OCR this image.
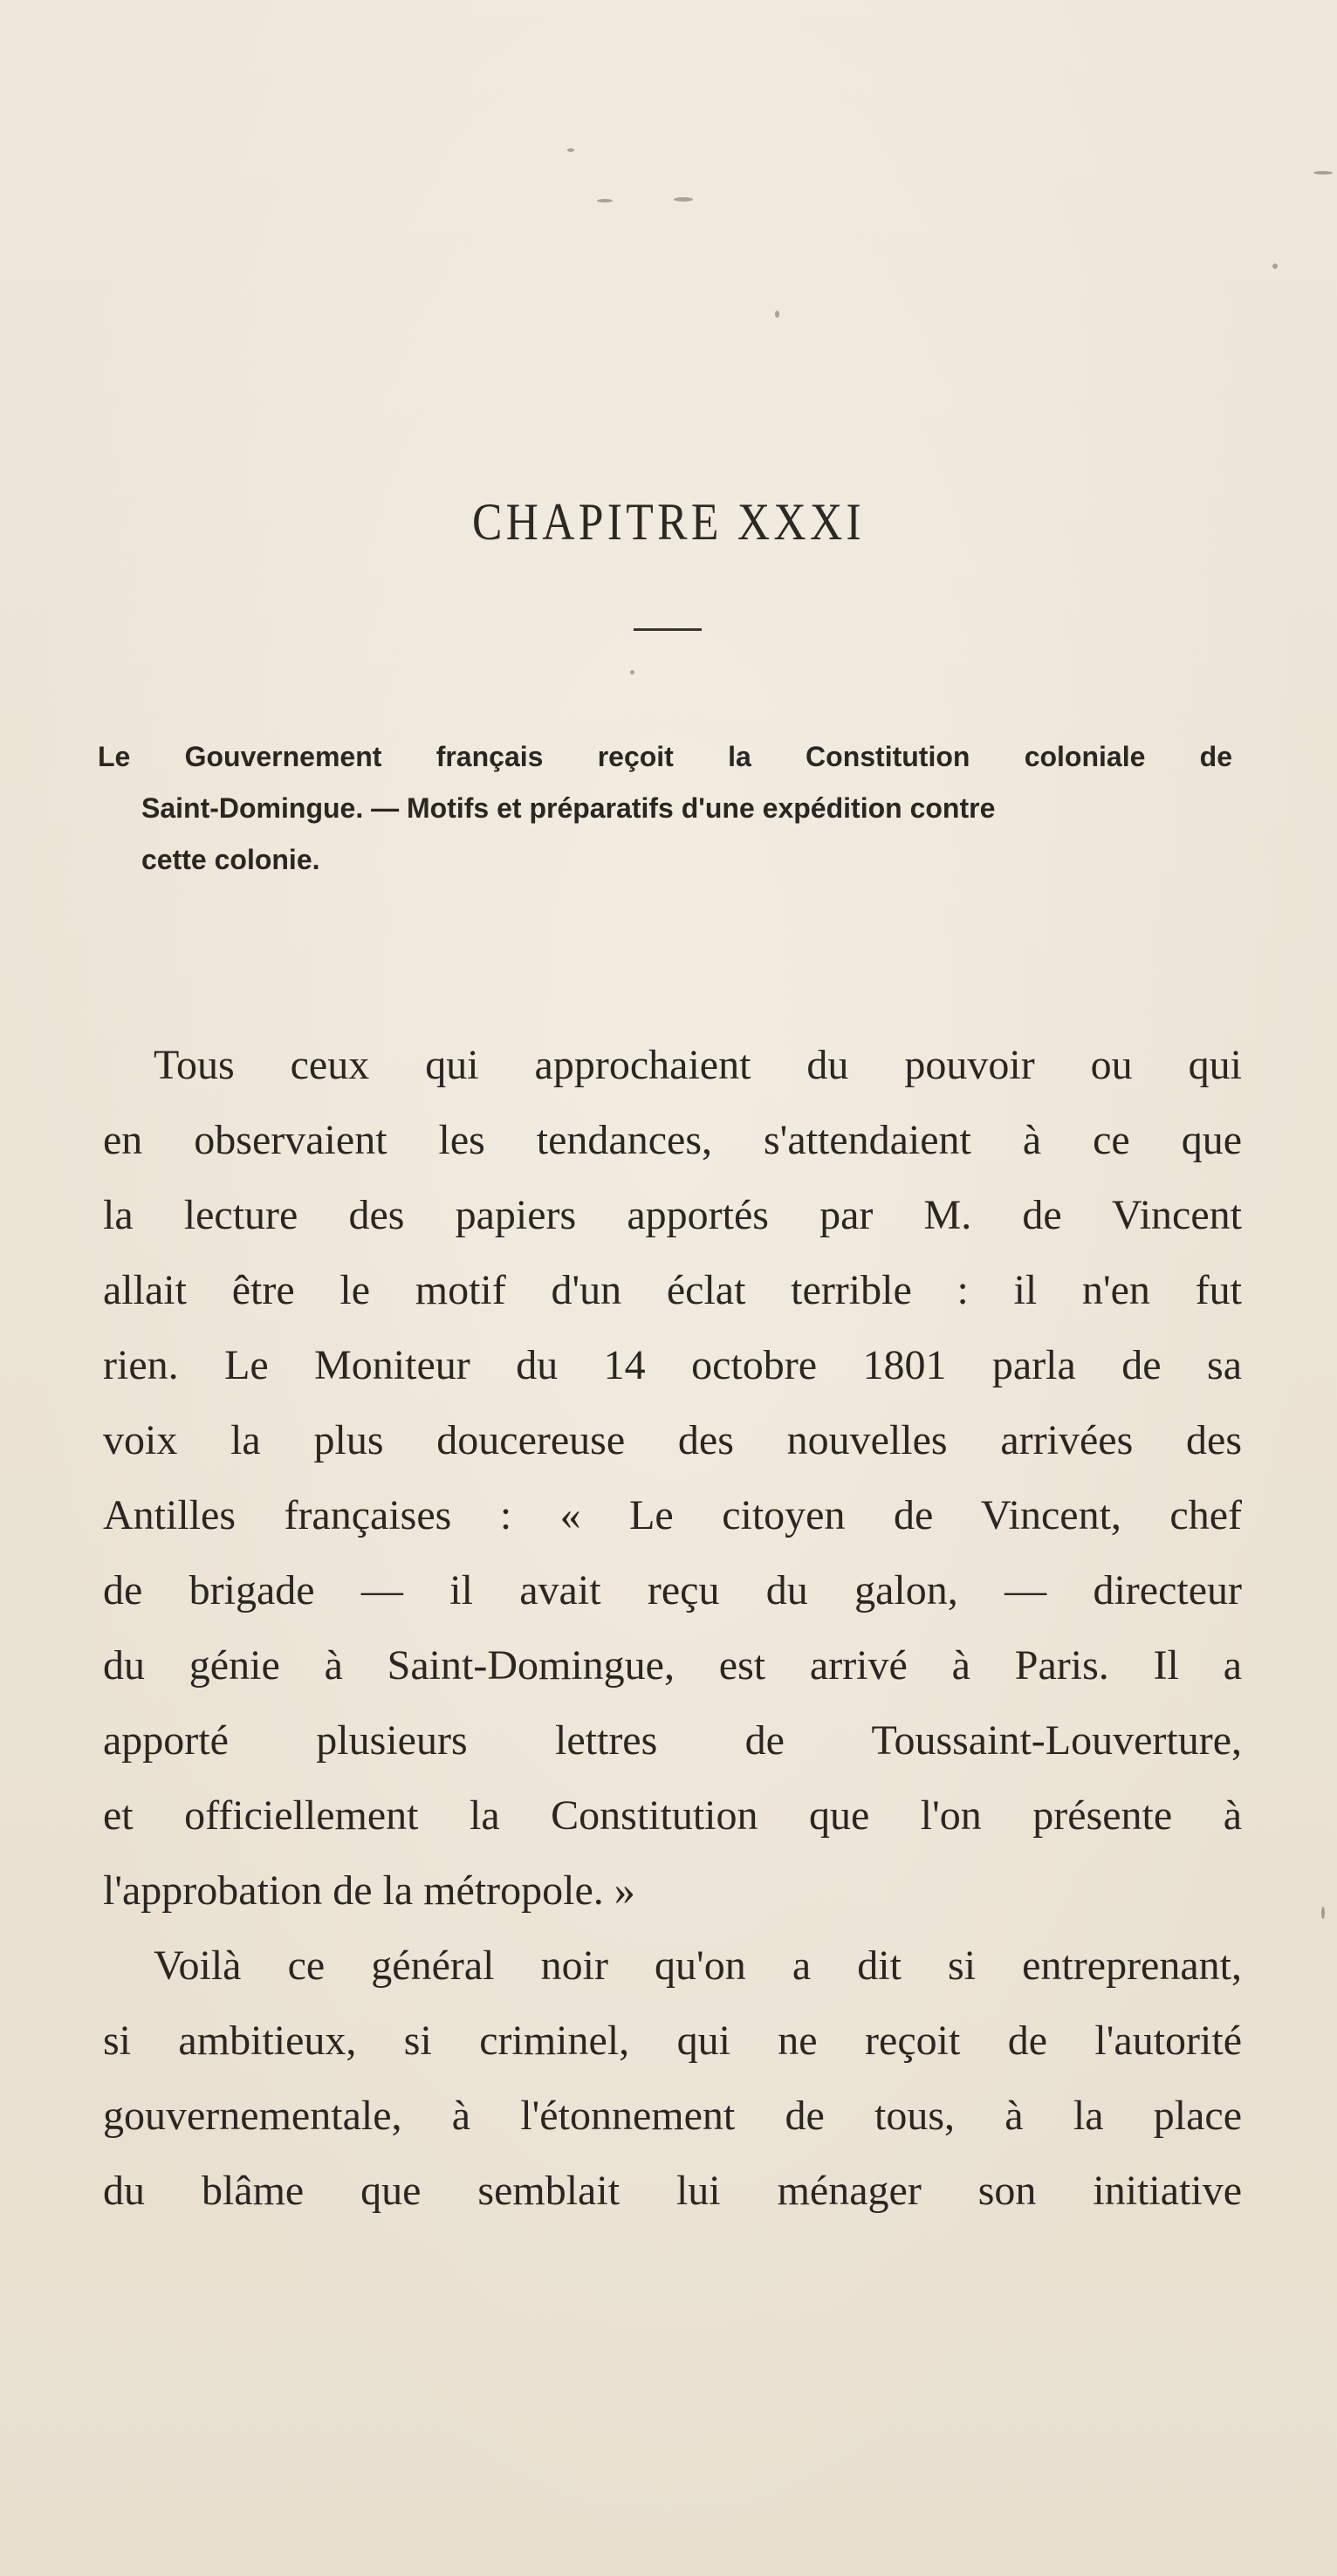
CHAPITRE XXXI
Le Gouvernement français reçoit la Constitution coloniale de
Saint-Domingue. — Motifs et préparatifs d'une expédition contre
cette colonie.
Tous ceux qui approchaient du pouvoir ou qui
en observaient les tendances, s'attendaient à ce que
la lecture des papiers apportés par M. de Vincent
allait être le motif d'un éclat terrible : il n'en fut
rien. Le Moniteur du 14 octobre 1801 parla de sa
voix la plus doucereuse des nouvelles arrivées des
Antilles françaises : « Le citoyen de Vincent, chef
de brigade — il avait reçu du galon, — directeur
du génie à Saint-Domingue, est arrivé à Paris. Il a
apporté plusieurs lettres de Toussaint-Louverture,
et officiellement la Constitution que l'on présente à
l'approbation de la métropole. »
Voilà ce général noir qu'on a dit si entreprenant,
si ambitieux, si criminel, qui ne reçoit de l'autorité
gouvernementale, à l'étonnement de tous, à la place
du blâme que semblait lui ménager son initiative
